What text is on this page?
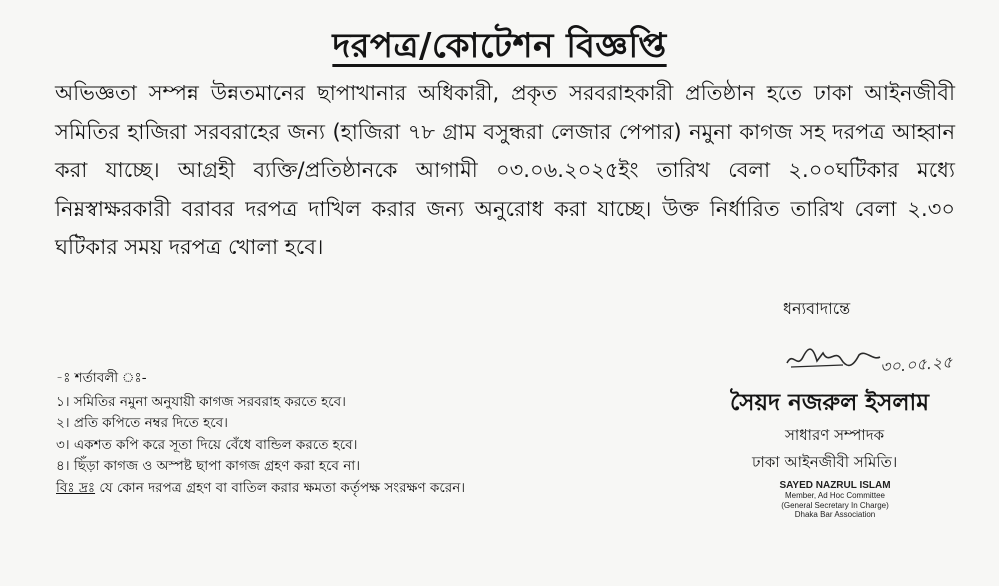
দরপত্র/কোটেশন বিজ্ঞপ্তি
অভিজ্ঞতা সম্পন্ন উন্নতমানের ছাপাখানার অধিকারী, প্রকৃত সরবরাহকারী প্রতিষ্ঠান হতে ঢাকা আইনজীবী সমিতির হাজিরা সরবরাহের জন্য (হাজিরা ৭৮ গ্রাম বসুন্ধরা লেজার পেপার) নমুনা কাগজ সহ দরপত্র আহ্বান করা যাচ্ছে। আগ্রহী ব্যক্তি/প্রতিষ্ঠানকে আগামী ০৩.০৬.২০২৫ইং তারিখ বেলা ২.০০ঘটিকার মধ্যে নিম্নস্বাক্ষরকারী বরাবর দরপত্র দাখিল করার জন্য অনুরোধ করা যাচ্ছে। উক্ত নির্ধারিত তারিখ বেলা ২.৩০ ঘটিকার সময় দরপত্র খোলা হবে।
ধন্যবাদান্তে
-ঃ শর্তাবলী ঃ-
১। সমিতির নমুনা অনুযায়ী কাগজ সরবরাহ করতে হবে।
২। প্রতি কপিতে নম্বর দিতে হবে।
৩। একশত কপি করে সূতা দিয়ে বেঁধে বান্ডিল করতে হবে।
৪। ছিঁড়া কাগজ ও অস্পষ্ট ছাপা কাগজ গ্রহণ করা হবে না।
বিঃ দ্রঃ যে কোন দরপত্র গ্রহণ বা বাতিল করার ক্ষমতা কর্তৃপক্ষ সংরক্ষণ করেন।
৩০.০৫.২৫
সৈয়দ নজরুল ইসলাম
সাধারণ সম্পাদক
ঢাকা আইনজীবী সমিতি।
SAYED NAZRUL ISLAM
Member, Ad Hoc Committee
(General Secretary In Charge)
Dhaka Bar Association
